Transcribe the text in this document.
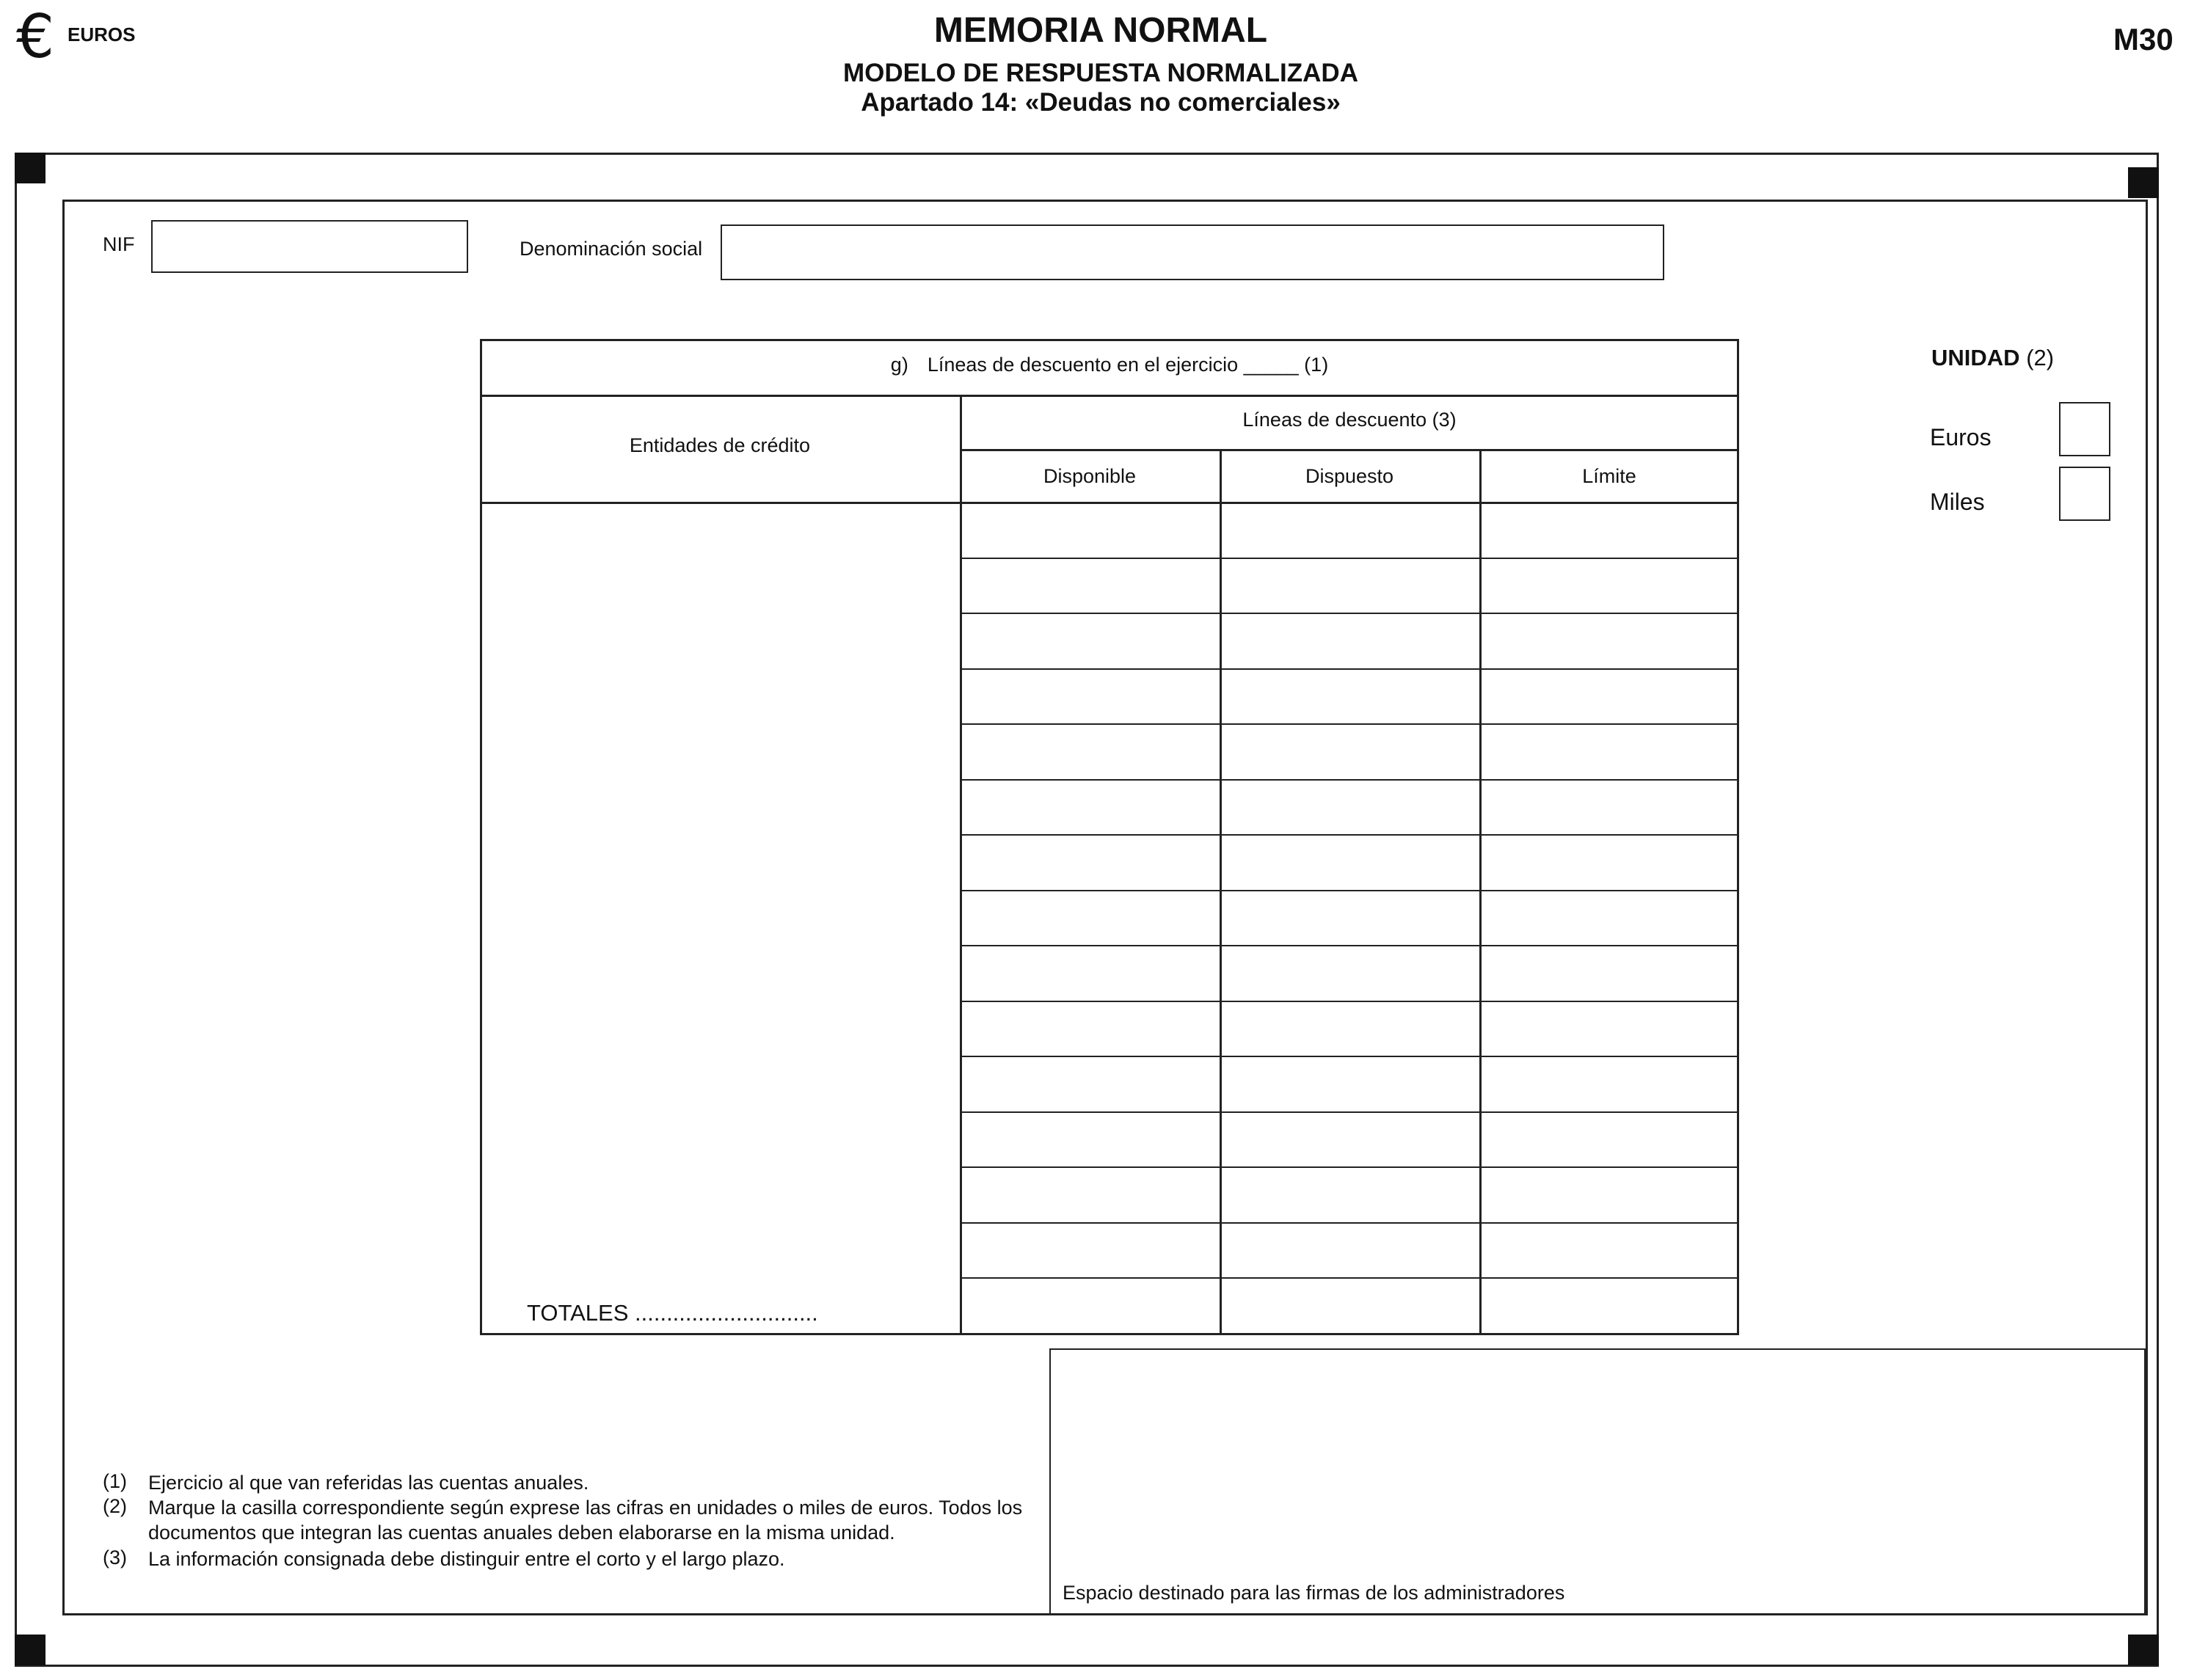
€ EUROS	MEMORIA NORMAL
MODELO DE RESPUESTA NORMALIZADA
Apartado 14: «Deudas no comerciales»
M30
NIF	Denominación social
UNIDAD (2)
Euros
Miles
g) Líneas de descuento en el ejercicio _____ (1)
Entidades de crédito
Líneas de descuento (3)
Disponible	Dispuesto	Límite
TOTALES .............................
(1) Ejercicio al que van referidas las cuentas anuales.
(2) Marque la casilla correspondiente según exprese las cifras en unidades o miles de euros. Todos los documentos que integran las cuentas anuales deben elaborarse en la misma unidad.
(3) La información consignada debe distinguir entre el corto y el largo plazo.
Espacio destinado para las firmas de los administradores
